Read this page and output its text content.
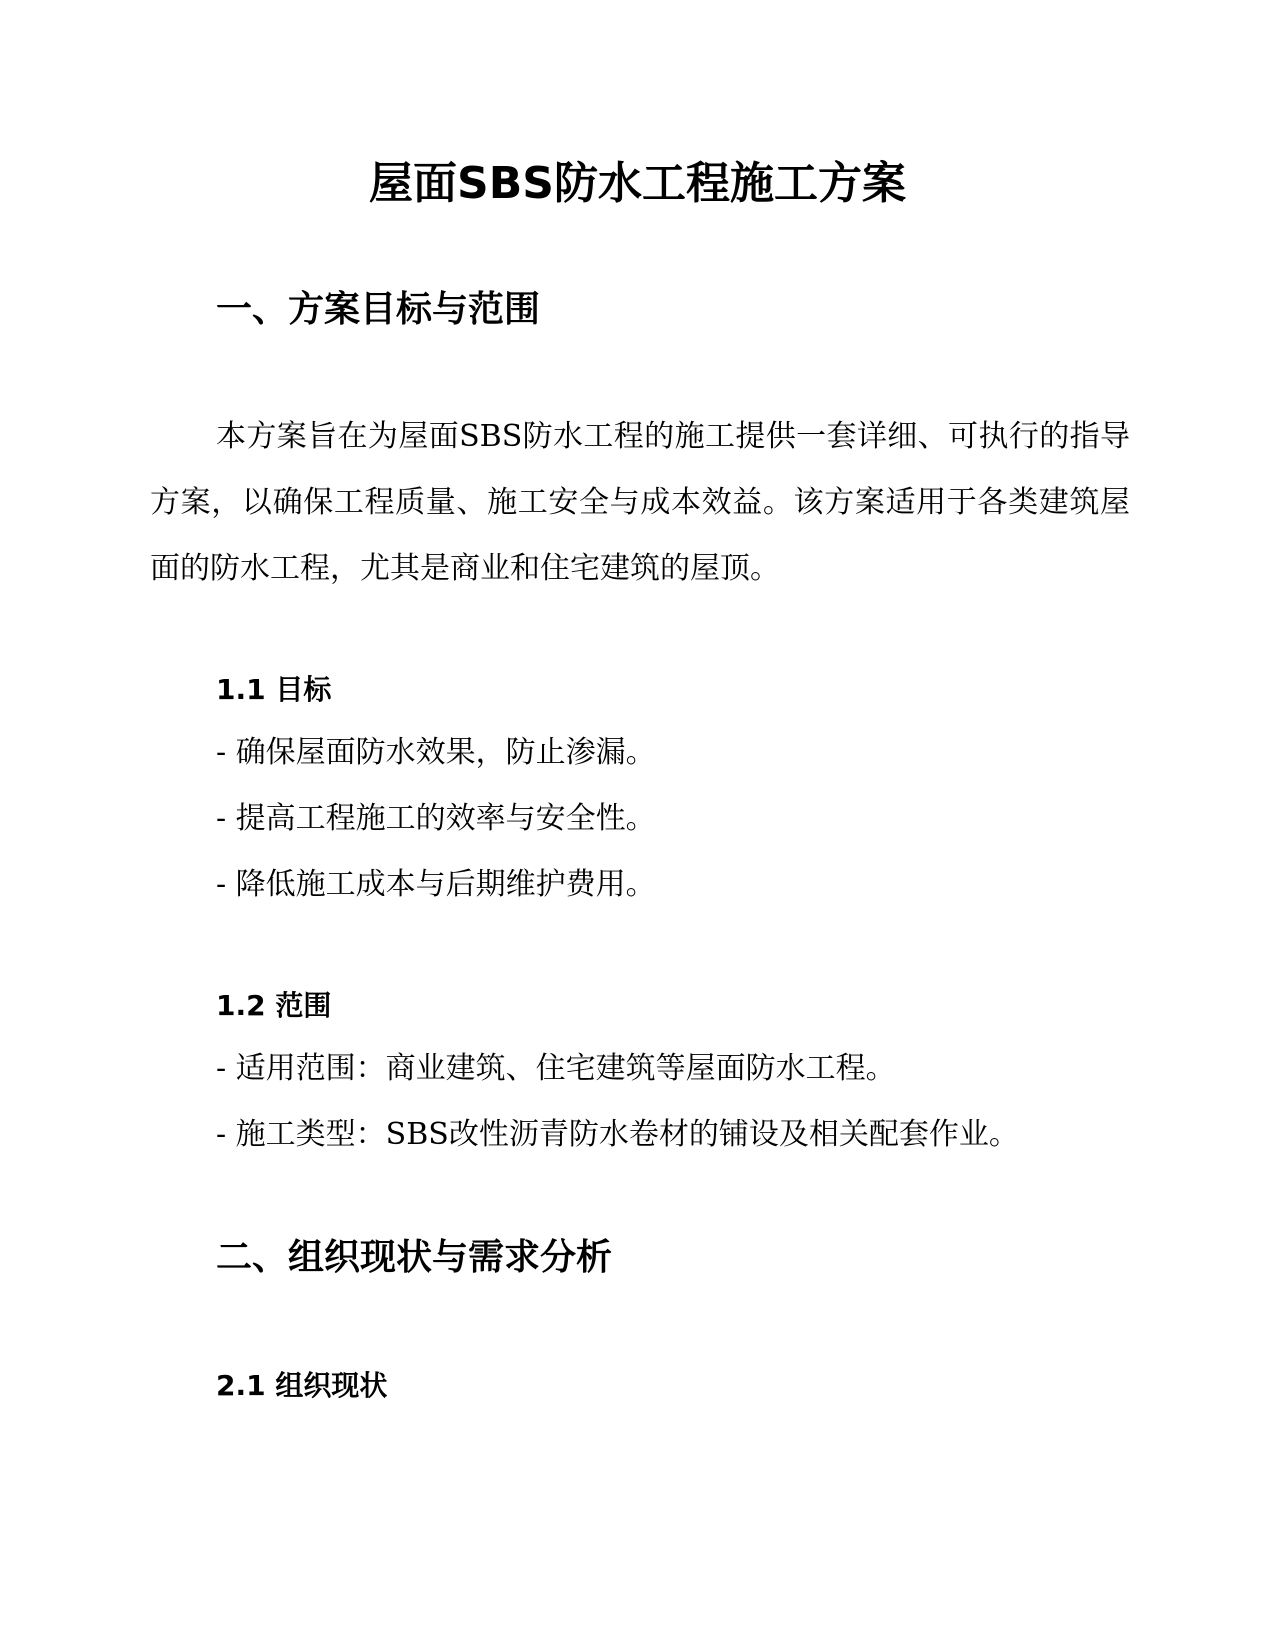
屋面SBS防水工程施工方案
一、方案目标与范围

本方案旨在为屋面SBS防水工程的施工提供一套详细、可执行的指导方案，以确保工程质量、施工安全与成本效益。该方案适用于各类建筑屋面的防水工程，尤其是商业和住宅建筑的屋顶。

1.1 目标
- 确保屋面防水效果，防止渗漏。
- 提高工程施工的效率与安全性。
- 降低施工成本与后期维护费用。
1.2 范围
- 适用范围：商业建筑、住宅建筑等屋面防水工程。
- 施工类型：SBS改性沥青防水卷材的铺设及相关配套作业。
二、组织现状与需求分析
2.1 组织现状
